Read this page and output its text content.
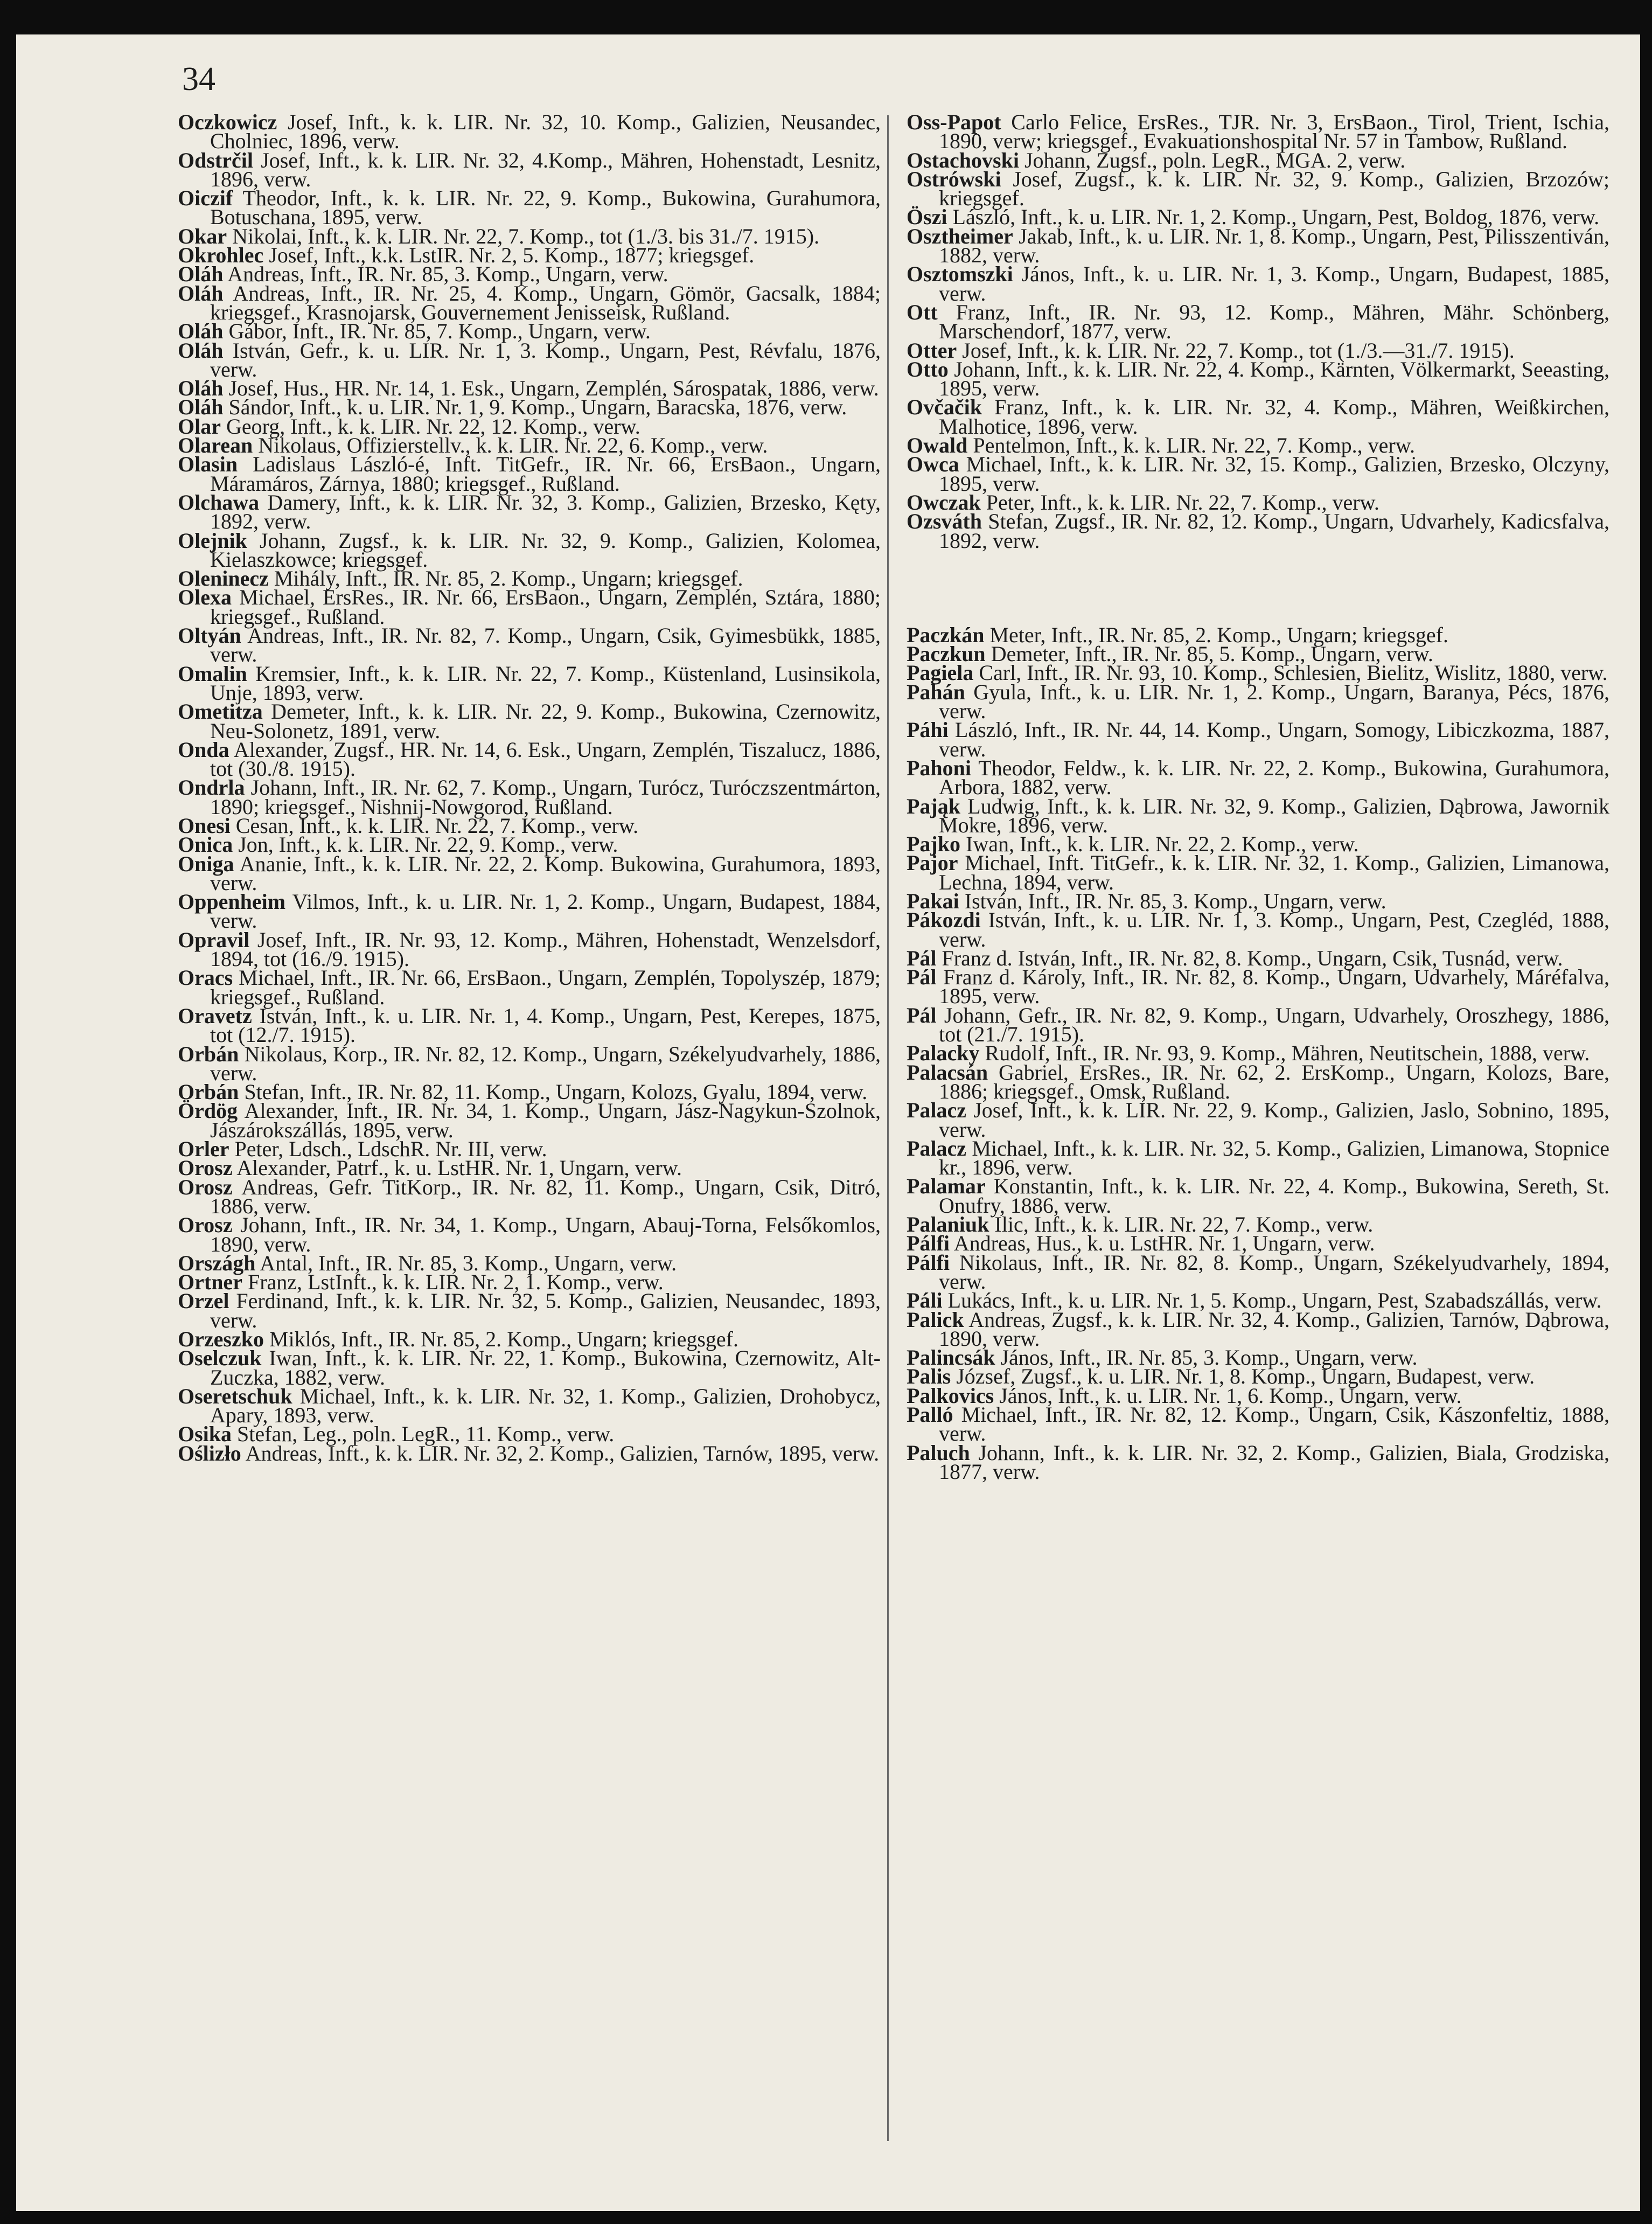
34

Oczkowicz Josef, Inft., k. k. LIR. Nr. 32, 10. Komp., Galizien, Neusandec, Cholniec, 1896, verw.

Odstrčil Josef, Inft., k. k. LIR. Nr. 32, 4.Komp., Mähren, Hohenstadt, Lesnitz, 1896, verw.

Oiczif Theodor, Inft., k. k. LIR. Nr. 22, 9. Komp., Bukowina, Gurahumora, Botuschana, 1895, verw.

Okar Nikolai, Inft., k. k. LIR. Nr. 22, 7. Komp., tot (1./3. bis 31./7. 1915).

Okrohlec Josef, Inft., k.k. LstIR. Nr. 2, 5. Komp., 1877; kriegsgef.

Oláh Andreas, Inft., IR. Nr. 85, 3. Komp., Ungarn, verw.

Oláh Andreas, Inft., IR. Nr. 25, 4. Komp., Ungarn, Gömör, Gacsalk, 1884; kriegsgef., Krasnojarsk, Gouvernement Jenisseisk, Rußland.

Oláh Gábor, Inft., IR. Nr. 85, 7. Komp., Ungarn, verw.

Oláh István, Gefr., k. u. LIR. Nr. 1, 3. Komp., Ungarn, Pest, Révfalu, 1876, verw.

Oláh Josef, Hus., HR. Nr. 14, 1. Esk., Ungarn, Zemplén, Sárospatak, 1886, verw.

Oláh Sándor, Inft., k. u. LIR. Nr. 1, 9. Komp., Ungarn, Baracska, 1876, verw.

Olar Georg, Inft., k. k. LIR. Nr. 22, 12. Komp., verw.

Olarean Nikolaus, Offizierstellv., k. k. LIR. Nr. 22, 6. Komp., verw.

Olasin Ladislaus László-é, Inft. TitGefr., IR. Nr. 66, ErsBaon., Ungarn, Máramáros, Zárnya, 1880; kriegsgef., Rußland.

Olchawa Damery, Inft., k. k. LIR. Nr. 32, 3. Komp., Galizien, Brzesko, Kęty, 1892, verw.

Olejnik Johann, Zugsf., k. k. LIR. Nr. 32, 9. Komp., Galizien, Kolomea, Kielaszkowce; kriegsgef.

Oleninecz Mihály, Inft., IR. Nr. 85, 2. Komp., Ungarn; kriegsgef.

Olexa Michael, ErsRes., IR. Nr. 66, ErsBaon., Ungarn, Zemplén, Sztára, 1880; kriegsgef., Rußland.

Oltyán Andreas, Inft., IR. Nr. 82, 7. Komp., Ungarn, Csik, Gyimesbükk, 1885, verw.

Omalin Kremsier, Inft., k. k. LIR. Nr. 22, 7. Komp., Küstenland, Lusinsikola, Unje, 1893, verw.

Ometitza Demeter, Inft., k. k. LIR. Nr. 22, 9. Komp., Bukowina, Czernowitz, Neu-Solonetz, 1891, verw.

Onda Alexander, Zugsf., HR. Nr. 14, 6. Esk., Ungarn, Zemplén, Tiszalucz, 1886, tot (30./8. 1915).

Ondrla Johann, Inft., IR. Nr. 62, 7. Komp., Ungarn, Turócz, Turóczszentmárton, 1890; kriegsgef., Nishnij-Nowgorod, Rußland.

Onesi Cesan, Inft., k. k. LIR. Nr. 22, 7. Komp., verw.

Onica Jon, Inft., k. k. LIR. Nr. 22, 9. Komp., verw.

Oniga Ananie, Inft., k. k. LIR. Nr. 22, 2. Komp. Bukowina, Gurahumora, 1893, verw.

Oppenheim Vilmos, Inft., k. u. LIR. Nr. 1, 2. Komp., Ungarn, Budapest, 1884, verw.

Opravil Josef, Inft., IR. Nr. 93, 12. Komp., Mähren, Hohenstadt, Wenzelsdorf, 1894, tot (16./9. 1915).

Oracs Michael, Inft., IR. Nr. 66, ErsBaon., Ungarn, Zemplén, Topolyszép, 1879; kriegsgef., Rußland.

Oravetz István, Inft., k. u. LIR. Nr. 1, 4. Komp., Ungarn, Pest, Kerepes, 1875, tot (12./7. 1915).

Orbán Nikolaus, Korp., IR. Nr. 82, 12. Komp., Ungarn, Székelyudvarhely, 1886, verw.

Orbán Stefan, Inft., IR. Nr. 82, 11. Komp., Ungarn, Kolozs, Gyalu, 1894, verw.

Ördög Alexander, Inft., IR. Nr. 34, 1. Komp., Ungarn, Jász-Nagykun-Szolnok, Jászárokszállás, 1895, verw.

Orler Peter, Ldsch., LdschR. Nr. III, verw.

Orosz Alexander, Patrf., k. u. LstHR. Nr. 1, Ungarn, verw.

Orosz Andreas, Gefr. TitKorp., IR. Nr. 82, 11. Komp., Ungarn, Csik, Ditró, 1886, verw.

Orosz Johann, Inft., IR. Nr. 34, 1. Komp., Ungarn, Abauj-Torna, Felsőkomlos, 1890, verw.

Országh Antal, Inft., IR. Nr. 85, 3. Komp., Ungarn, verw.

Ortner Franz, LstInft., k. k. LIR. Nr. 2, 1. Komp., verw.

Orzel Ferdinand, Inft., k. k. LIR. Nr. 32, 5. Komp., Galizien, Neusandec, 1893, verw.

Orzeszko Miklós, Inft., IR. Nr. 85, 2. Komp., Ungarn; kriegsgef.

Oselczuk Iwan, Inft., k. k. LIR. Nr. 22, 1. Komp., Bukowina, Czernowitz, Alt-Zuczka, 1882, verw.

Oseretschuk Michael, Inft., k. k. LIR. Nr. 32, 1. Komp., Galizien, Drohobycz, Apary, 1893, verw.

Osika Stefan, Leg., poln. LegR., 11. Komp., verw.

Oślizło Andreas, Inft., k. k. LIR. Nr. 32, 2. Komp., Galizien, Tarnów, 1895, verw.

Oss-Papot Carlo Felice, ErsRes., TJR. Nr. 3, ErsBaon., Tirol, Trient, Ischia, 1890, verw; kriegsgef., Evakuationshospital Nr. 57 in Tambow, Rußland.

Ostachovski Johann, Zugsf., poln. LegR., MGA. 2, verw.

Ostrówski Josef, Zugsf., k. k. LIR. Nr. 32, 9. Komp., Galizien, Brzozów; kriegsgef.

Öszi László, Inft., k. u. LIR. Nr. 1, 2. Komp., Ungarn, Pest, Boldog, 1876, verw.

Osztheimer Jakab, Inft., k. u. LIR. Nr. 1, 8. Komp., Ungarn, Pest, Pilisszentiván, 1882, verw.

Osztomszki János, Inft., k. u. LIR. Nr. 1, 3. Komp., Ungarn, Budapest, 1885, verw.

Ott Franz, Inft., IR. Nr. 93, 12. Komp., Mähren, Mähr. Schönberg, Marschendorf, 1877, verw.

Otter Josef, Inft., k. k. LIR. Nr. 22, 7. Komp., tot (1./3.—31./7. 1915).

Otto Johann, Inft., k. k. LIR. Nr. 22, 4. Komp., Kärnten, Völkermarkt, Seeasting, 1895, verw.

Ovčačik Franz, Inft., k. k. LIR. Nr. 32, 4. Komp., Mähren, Weißkirchen, Malhotice, 1896, verw.

Owald Pentelmon, Inft., k. k. LIR. Nr. 22, 7. Komp., verw.

Owca Michael, Inft., k. k. LIR. Nr. 32, 15. Komp., Galizien, Brzesko, Olczyny, 1895, verw.

Owczak Peter, Inft., k. k. LIR. Nr. 22, 7. Komp., verw.

Ozsváth Stefan, Zugsf., IR. Nr. 82, 12. Komp., Ungarn, Udvarhely, Kadicsfalva, 1892, verw.

Paczkán Meter, Inft., IR. Nr. 85, 2. Komp., Ungarn; kriegsgef.

Paczkun Demeter, Inft., IR. Nr. 85, 5. Komp., Ungarn, verw.

Pagiela Carl, Inft., IR. Nr. 93, 10. Komp., Schlesien, Bielitz, Wislitz, 1880, verw.

Pahán Gyula, Inft., k. u. LIR. Nr. 1, 2. Komp., Ungarn, Baranya, Pécs, 1876, verw.

Páhi László, Inft., IR. Nr. 44, 14. Komp., Ungarn, Somogy, Libiczkozma, 1887, verw.

Pahoni Theodor, Feldw., k. k. LIR. Nr. 22, 2. Komp., Bukowina, Gurahumora, Arbora, 1882, verw.

Pająk Ludwig, Inft., k. k. LIR. Nr. 32, 9. Komp., Galizien, Dąbrowa, Jawornik Mokre, 1896, verw.

Pajko Iwan, Inft., k. k. LIR. Nr. 22, 2. Komp., verw.

Pajor Michael, Inft. TitGefr., k. k. LIR. Nr. 32, 1. Komp., Galizien, Limanowa, Lechna, 1894, verw.

Pakai István, Inft., IR. Nr. 85, 3. Komp., Ungarn, verw.

Pákozdi István, Inft., k. u. LIR. Nr. 1, 3. Komp., Ungarn, Pest, Czegléd, 1888, verw.

Pál Franz d. István, Inft., IR. Nr. 82, 8. Komp., Ungarn, Csik, Tusnád, verw.

Pál Franz d. Károly, Inft., IR. Nr. 82, 8. Komp., Ungarn, Udvarhely, Máréfalva, 1895, verw.

Pál Johann, Gefr., IR. Nr. 82, 9. Komp., Ungarn, Udvarhely, Oroszhegy, 1886, tot (21./7. 1915).

Palacky Rudolf, Inft., IR. Nr. 93, 9. Komp., Mähren, Neutitschein, 1888, verw.

Palacsán Gabriel, ErsRes., IR. Nr. 62, 2. ErsKomp., Ungarn, Kolozs, Bare, 1886; kriegsgef., Omsk, Rußland.

Palacz Josef, Inft., k. k. LIR. Nr. 22, 9. Komp., Galizien, Jaslo, Sobnino, 1895, verw.

Palacz Michael, Inft., k. k. LIR. Nr. 32, 5. Komp., Galizien, Limanowa, Stopnice kr., 1896, verw.

Palamar Konstantin, Inft., k. k. LIR. Nr. 22, 4. Komp., Bukowina, Sereth, St. Onufry, 1886, verw.

Palaniuk Ilic, Inft., k. k. LIR. Nr. 22, 7. Komp., verw.

Pálfi Andreas, Hus., k. u. LstHR. Nr. 1, Ungarn, verw.

Pálfi Nikolaus, Inft., IR. Nr. 82, 8. Komp., Ungarn, Székelyudvarhely, 1894, verw.

Páli Lukács, Inft., k. u. LIR. Nr. 1, 5. Komp., Ungarn, Pest, Szabadszállás, verw.

Palick Andreas, Zugsf., k. k. LIR. Nr. 32, 4. Komp., Galizien, Tarnów, Dąbrowa, 1890, verw.

Palincsák János, Inft., IR. Nr. 85, 3. Komp., Ungarn, verw.

Palis József, Zugsf., k. u. LIR. Nr. 1, 8. Komp., Ungarn, Budapest, verw.

Palkovics János, Inft., k. u. LIR. Nr. 1, 6. Komp., Ungarn, verw.

Palló Michael, Inft., IR. Nr. 82, 12. Komp., Ungarn, Csik, Kászonfeltiz, 1888, verw.

Paluch Johann, Inft., k. k. LIR. Nr. 32, 2. Komp., Galizien, Biala, Grodziska, 1877, verw.
